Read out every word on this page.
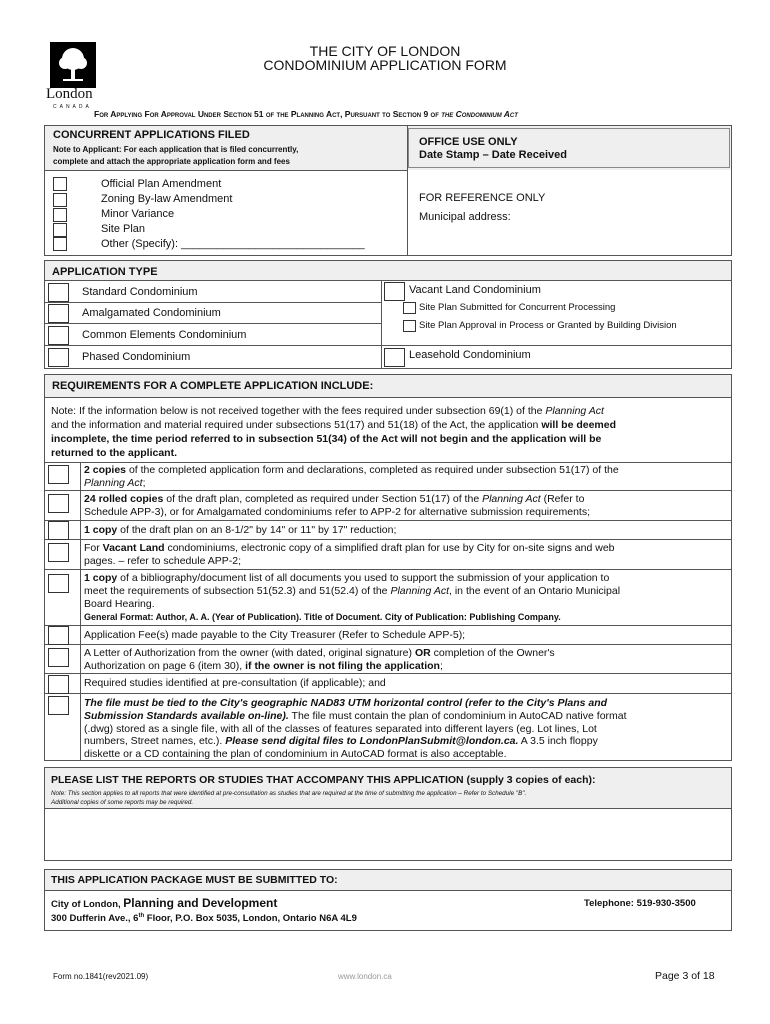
London
CANADA
THE CITY OF LONDON
CONDOMINIUM APPLICATION FORM
For Applying For Approval Under Section 51 of the Planning Act, Pursuant to Section 9 of the Condominium Act
CONCURRENT APPLICATIONS FILED
Note to Applicant: For each application that is filed concurrently,
complete and attach the appropriate application form and fees
Official Plan Amendment
Zoning By-law Amendment
Minor Variance
Site Plan
Other (Specify): ______________________________
OFFICE USE ONLY
Date Stamp – Date Received
FOR REFERENCE ONLY
Municipal address:
APPLICATION TYPE
Standard Condominium
Amalgamated Condominium
Common Elements Condominium
Phased Condominium
Vacant Land Condominium
Site Plan Submitted for Concurrent Processing
Site Plan Approval in Process or Granted by Building Division
Leasehold Condominium
REQUIREMENTS FOR A COMPLETE APPLICATION INCLUDE:
Note: If the information below is not received together with the fees required under subsection 69(1) of the Planning Act
and the information and material required under subsections 51(17) and 51(18) of the Act, the application will be deemed
incomplete, the time period referred to in subsection 51(34) of the Act will not begin and the application will be
returned to the applicant.
2 copies of the completed application form and declarations, completed as required under subsection 51(17) of the
Planning Act;
24 rolled copies of the draft plan, completed as required under Section 51(17) of the Planning Act (Refer to
Schedule APP-3), or for Amalgamated condominiums refer to APP-2 for alternative submission requirements;
1 copy of the draft plan on an 8-1/2" by 14" or 11" by 17" reduction;
For Vacant Land condominiums, electronic copy of a simplified draft plan for use by City for on-site signs and web
pages. – refer to schedule APP-2;
1 copy of a bibliography/document list of all documents you used to support the submission of your application to
meet the requirements of subsection 51(52.3) and 51(52.4) of the Planning Act, in the event of an Ontario Municipal
Board Hearing.
General Format: Author, A. A. (Year of Publication). Title of Document. City of Publication: Publishing Company.
Application Fee(s) made payable to the City Treasurer (Refer to Schedule APP-5);
A Letter of Authorization from the owner (with dated, original signature) OR completion of the Owner's
Authorization on page 6 (item 30), if the owner is not filing the application;
Required studies identified at pre-consultation (if applicable); and
The file must be tied to the City's geographic NAD83 UTM horizontal control (refer to the City's Plans and
Submission Standards available on-line). The file must contain the plan of condominium in AutoCAD native format
(.dwg) stored as a single file, with all of the classes of features separated into different layers (eg. Lot lines, Lot
numbers, Street names, etc.). Please send digital files to LondonPlanSubmit@london.ca. A 3.5 inch floppy
diskette or a CD containing the plan of condominium in AutoCAD format is also acceptable.
PLEASE LIST THE REPORTS OR STUDIES THAT ACCOMPANY THIS APPLICATION (supply 3 copies of each):
Note: This section applies to all reports that were identified at pre-consultation as studies that are required at the time of submitting the application – Refer to Schedule "B".
Additional copies of some reports may be required.
THIS APPLICATION PACKAGE MUST BE SUBMITTED TO:
City of London, Planning and Development	Telephone: 519-930-3500
300 Dufferin Ave., 6th Floor, P.O. Box 5035, London, Ontario N6A 4L9
Form no.1841(rev2021.09)	www.london.ca	Page 3 of 18
